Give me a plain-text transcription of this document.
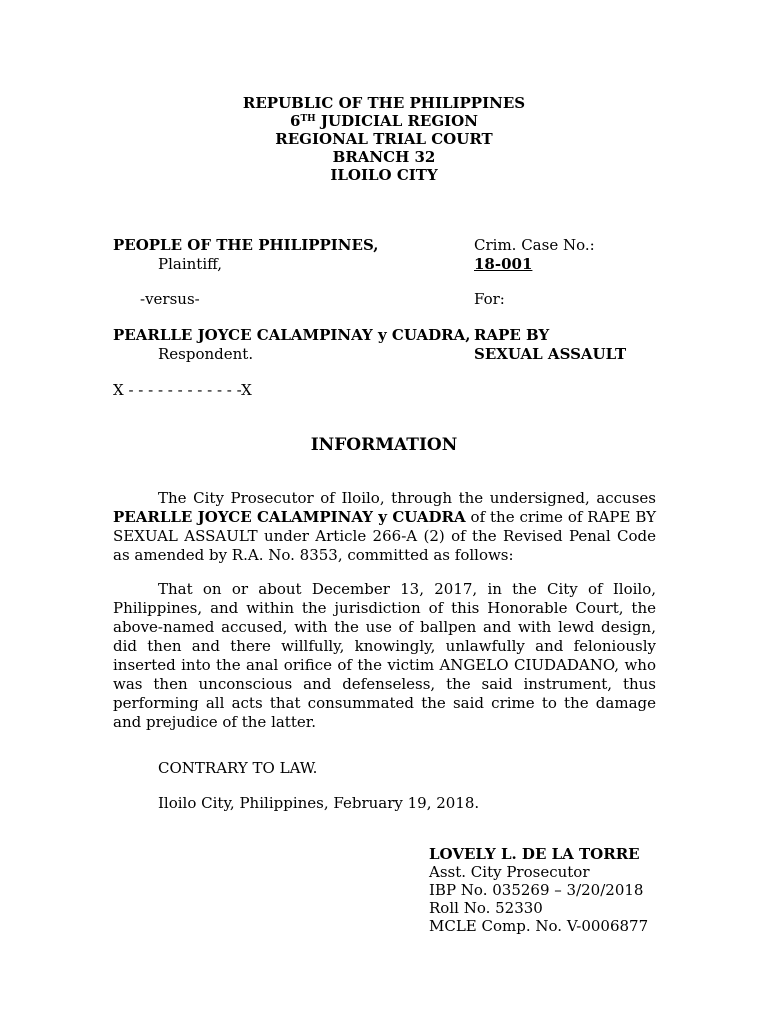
REPUBLIC OF THE PHILIPPINES
6TH JUDICIAL REGION
REGIONAL TRIAL COURT
BRANCH 32
ILOILO CITY
PEOPLE OF THE PHILIPPINES,
Plaintiff,
-versus-
PEARLLE JOYCE CALAMPINAY y CUADRA,
Respondent.
X - - - - - - - - - - - -X
Crim. Case No.:
18-001
For:
RAPE BY
SEXUAL ASSAULT
INFORMATION

The City Prosecutor of Iloilo, through the undersigned, accuses PEARLLE JOYCE CALAMPINAY y CUADRA of the crime of RAPE BY SEXUAL ASSAULT under Article 266-A (2) of the Revised Penal Code as amended by R.A. No. 8353, committed as follows:

That on or about December 13, 2017, in the City of Iloilo, Philippines, and within the jurisdiction of this Honorable Court, the above-named accused, with the use of ballpen and with lewd design, did then and there willfully, knowingly, unlawfully and feloniously inserted into the anal orifice of the victim ANGELO CIUDADANO, who was then unconscious and defenseless, the said instrument, thus performing all acts that consummated the said crime to the damage and prejudice of the latter.

CONTRARY TO LAW.
Iloilo City, Philippines, February 19, 2018.
LOVELY L. DE LA TORRE
Asst. City Prosecutor
IBP No. 035269 – 3/20/2018
Roll No. 52330
MCLE Comp. No. V-0006877
